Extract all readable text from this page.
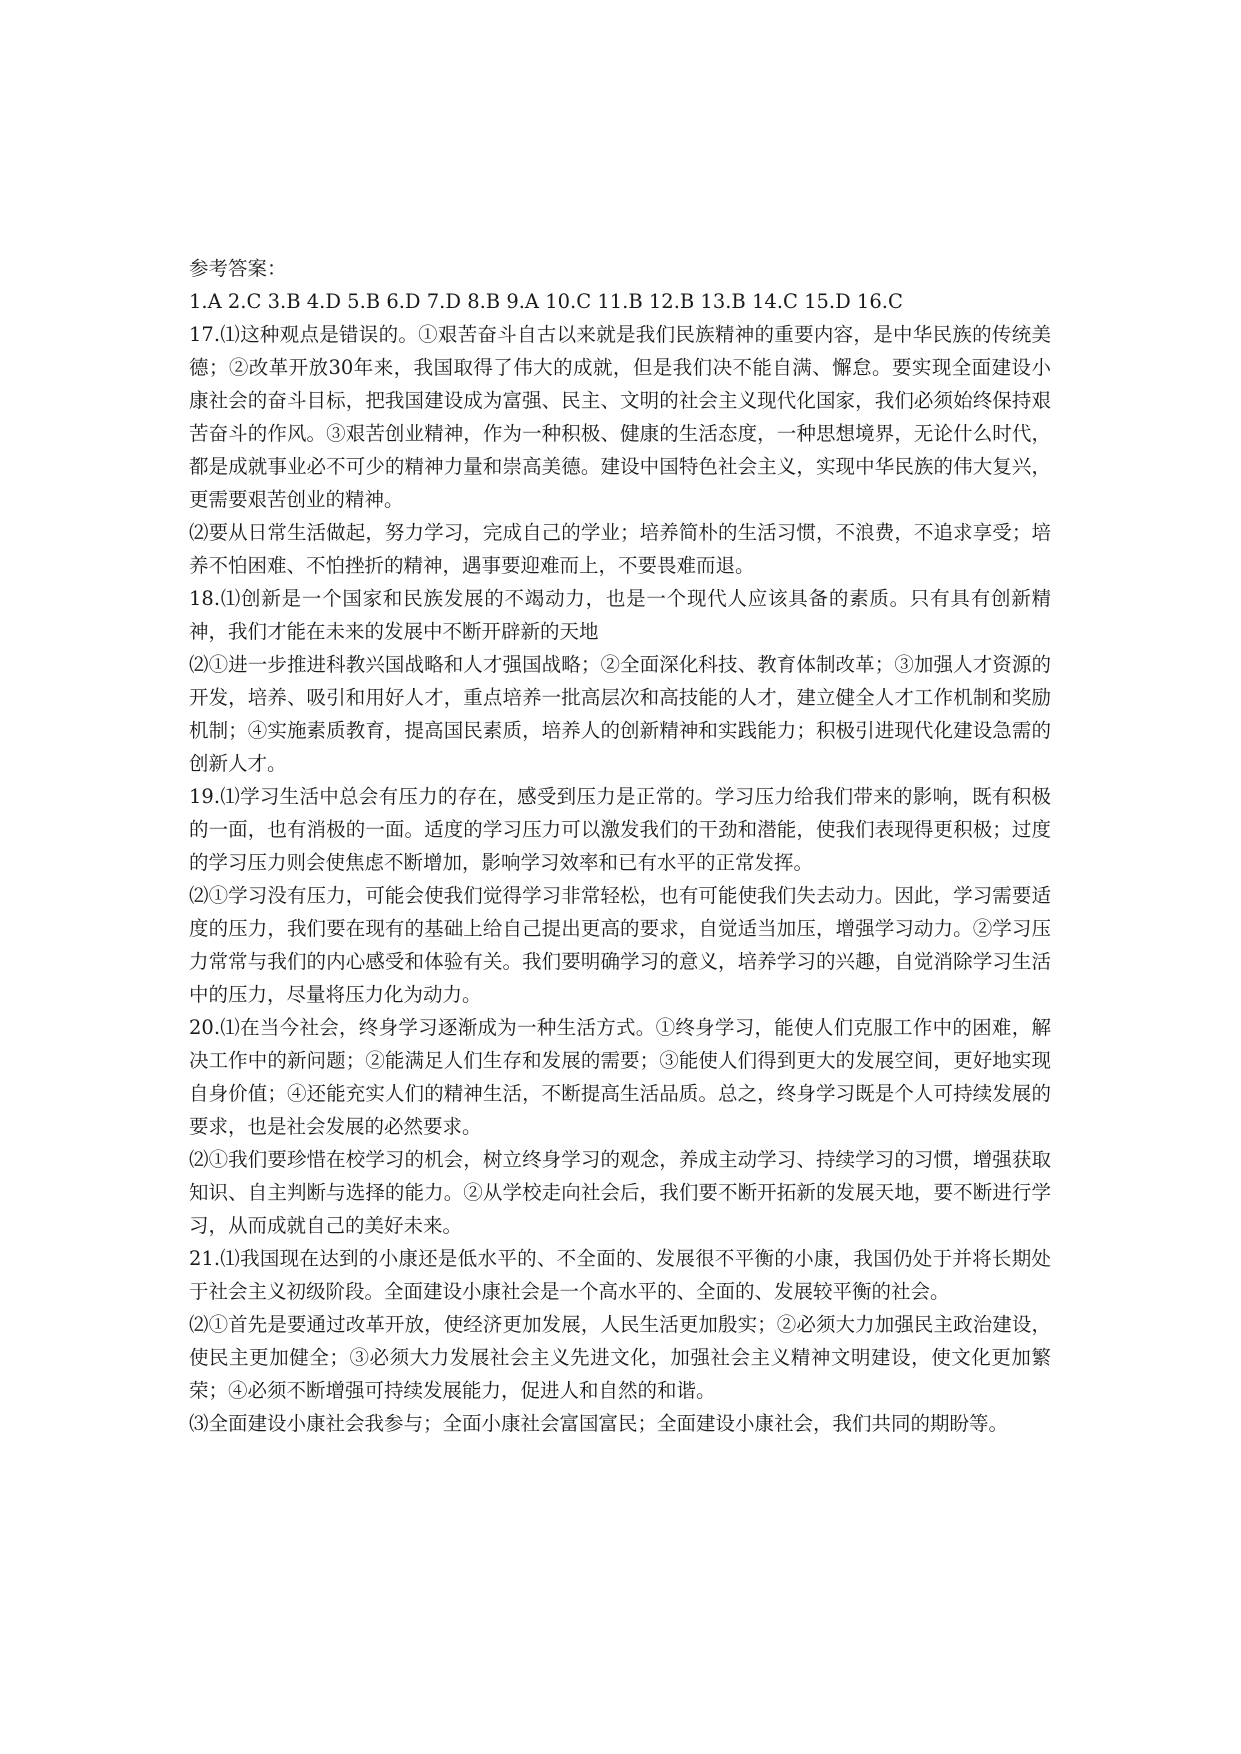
参考答案：

1.A 2.C 3.B 4.D 5.B 6.D 7.D 8.B 9.A 10.C 11.B 12.B 13.B 14.C 15.D 16.C

17.⑴这种观点是错误的。①艰苦奋斗自古以来就是我们民族精神的重要内容，是中华民族的传统美德；②改革开放30年来，我国取得了伟大的成就，但是我们决不能自满、懈怠。要实现全面建设小康社会的奋斗目标，把我国建设成为富强、民主、文明的社会主义现代化国家，我们必须始终保持艰苦奋斗的作风。③艰苦创业精神，作为一种积极、健康的生活态度，一种思想境界，无论什么时代，都是成就事业必不可少的精神力量和崇高美德。建设中国特色社会主义，实现中华民族的伟大复兴，更需要艰苦创业的精神。

⑵要从日常生活做起，努力学习，完成自己的学业；培养简朴的生活习惯，不浪费，不追求享受；培养不怕困难、不怕挫折的精神，遇事要迎难而上，不要畏难而退。

18.⑴创新是一个国家和民族发展的不竭动力，也是一个现代人应该具备的素质。只有具有创新精神，我们才能在未来的发展中不断开辟新的天地

⑵①进一步推进科教兴国战略和人才强国战略；②全面深化科技、教育体制改革；③加强人才资源的开发，培养、吸引和用好人才，重点培养一批高层次和高技能的人才，建立健全人才工作机制和奖励机制；④实施素质教育，提高国民素质，培养人的创新精神和实践能力；积极引进现代化建设急需的创新人才。

19.⑴学习生活中总会有压力的存在，感受到压力是正常的。学习压力给我们带来的影响，既有积极的一面，也有消极的一面。适度的学习压力可以激发我们的干劲和潜能，使我们表现得更积极；过度的学习压力则会使焦虑不断增加，影响学习效率和已有水平的正常发挥。

⑵①学习没有压力，可能会使我们觉得学习非常轻松，也有可能使我们失去动力。因此，学习需要适度的压力，我们要在现有的基础上给自己提出更高的要求，自觉适当加压，增强学习动力。②学习压力常常与我们的内心感受和体验有关。我们要明确学习的意义，培养学习的兴趣，自觉消除学习生活中的压力，尽量将压力化为动力。

20.⑴在当今社会，终身学习逐渐成为一种生活方式。①终身学习，能使人们克服工作中的困难，解决工作中的新问题；②能满足人们生存和发展的需要；③能使人们得到更大的发展空间，更好地实现自身价值；④还能充实人们的精神生活，不断提高生活品质。总之，终身学习既是个人可持续发展的要求，也是社会发展的必然要求。

⑵①我们要珍惜在校学习的机会，树立终身学习的观念，养成主动学习、持续学习的习惯，增强获取知识、自主判断与选择的能力。②从学校走向社会后，我们要不断开拓新的发展天地，要不断进行学习，从而成就自己的美好未来。

21.⑴我国现在达到的小康还是低水平的、不全面的、发展很不平衡的小康，我国仍处于并将长期处于社会主义初级阶段。全面建设小康社会是一个高水平的、全面的、发展较平衡的社会。

⑵①首先是要通过改革开放，使经济更加发展，人民生活更加殷实；②必须大力加强民主政治建设，使民主更加健全；③必须大力发展社会主义先进文化，加强社会主义精神文明建设，使文化更加繁荣；④必须不断增强可持续发展能力，促进人和自然的和谐。

⑶全面建设小康社会我参与；全面小康社会富国富民；全面建设小康社会，我们共同的期盼等。
